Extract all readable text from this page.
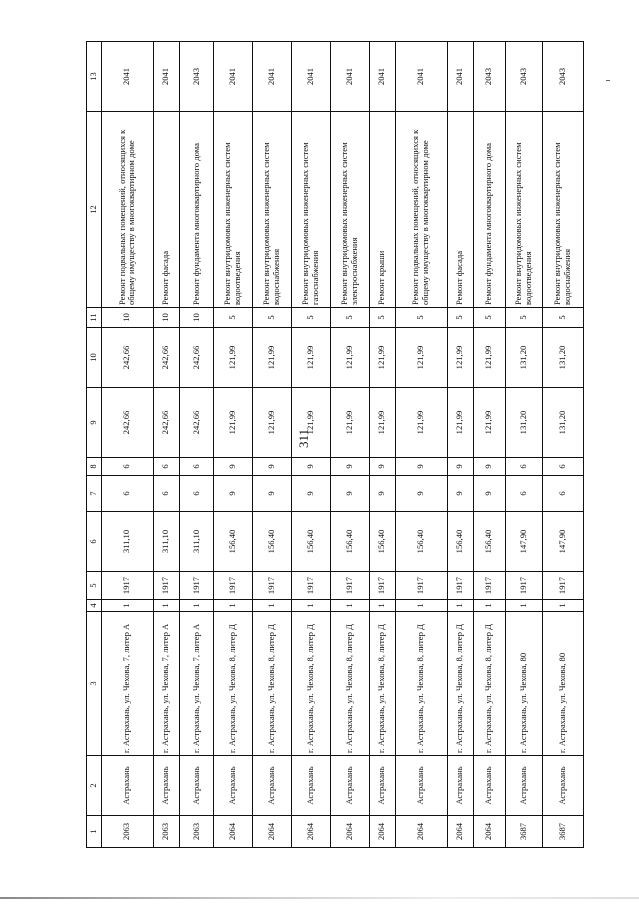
311
1	2	3	4	5	6	7	8	9	10	11	12	13
2063	Астрахань	г. Астрахань, ул. Чехова, 7, литер А	1	1917	311,10	6	6	242,66	242,66	10	Ремонт подвальных помещений, относящихся к общему имуществу в многоквартирном доме	2041
2063	Астрахань	г. Астрахань, ул. Чехова, 7, литер А	1	1917	311,10	6	6	242,66	242,66	10	Ремонт фасада	2041
2063	Астрахань	г. Астрахань, ул. Чехова, 7, литер А	1	1917	311,10	6	6	242,66	242,66	10	Ремонт фундамента многоквартирного дома	2043
2064	Астрахань	г. Астрахань, ул. Чехова, 8, литер Д	1	1917	156,40	9	9	121,99	121,99	5	Ремонт внутридомовых инженерных систем водоотведения	2041
2064	Астрахань	г. Астрахань, ул. Чехова, 8, литер Д	1	1917	156,40	9	9	121,99	121,99	5	Ремонт внутридомовых инженерных систем водоснабжения	2041
2064	Астрахань	г. Астрахань, ул. Чехова, 8, литер Д	1	1917	156,40	9	9	121,99	121,99	5	Ремонт внутридомовых инженерных систем газоснабжения	2041
2064	Астрахань	г. Астрахань, ул. Чехова, 8, литер Д	1	1917	156,40	9	9	121,99	121,99	5	Ремонт внутридомовых инженерных систем электроснабжения	2041
2064	Астрахань	г. Астрахань, ул. Чехова, 8, литер Д	1	1917	156,40	9	9	121,99	121,99	5	Ремонт крыши	2041
2064	Астрахань	г. Астрахань, ул. Чехова, 8, литер Д	1	1917	156,40	9	9	121,99	121,99	5	Ремонт подвальных помещений, относящихся к общему имуществу в многоквартирном доме	2041
2064	Астрахань	г. Астрахань, ул. Чехова, 8, литер Д	1	1917	156,40	9	9	121,99	121,99	5	Ремонт фасада	2041
2064	Астрахань	г. Астрахань, ул. Чехова, 8, литер Д	1	1917	156,40	9	9	121,99	121,99	5	Ремонт фундамента многоквартирного дома	2043
3687	Астрахань	г. Астрахань, ул. Чехова, 80	1	1917	147,90	6	6	131,20	131,20	5	Ремонт внутридомовых инженерных систем водоотведения	2043
3687	Астрахань	г. Астрахань, ул. Чехова, 80	1	1917	147,90	6	6	131,20	131,20	5	Ремонт внутридомовых инженерных систем водоснабжения	2043
